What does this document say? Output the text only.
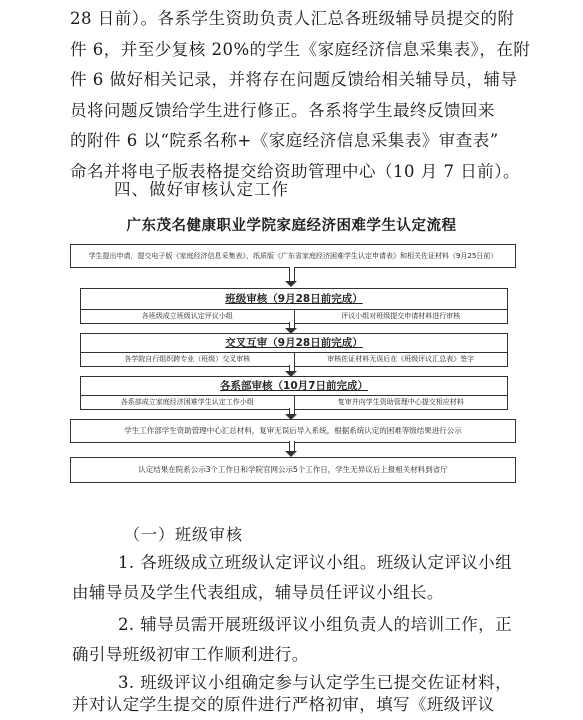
28 日前）。各系学生资助负责人汇总各班级辅导员提交的附
件 6，并至少复核 20%的学生《家庭经济信息采集表》，在附
件 6 做好相关记录，并将存在问题反馈给相关辅导员，辅导
员将问题反馈给学生进行修正。各系将学生最终反馈回来
的附件 6 以“院系名称+《家庭经济信息采集表》审查表”
命名并将电子版表格提交给资助管理中心（10 月 7 日前）。
四、做好审核认定工作
广东茂名健康职业学院家庭经济困难学生认定流程
学生提出申请，提交电子版《家庭经济信息采集表》，纸质版《广东省家庭经济困难学生认定申请表》和相关佐证材料（9月25日前）
班级审核（9月28日前完成）
各班级成立班级认定评议小组	评议小组对班级提交申请材料进行审核
交叉互审（9月28日前完成）
各学院自行组织跨专业（班级）交叉审核	审核佐证材料无误后在《班级评议汇总表》签字
各系部审核（10月7日前完成）
各系部成立家庭经济困难学生认定工作小组	复审并向学生资助管理中心提交相应材料
学生工作部学生资助管理中心汇总材料，复审无误后导入系统，根据系统认定的困难等级结果进行公示
认定结果在院系公示3个工作日和学院官网公示5个工作日，学生无异议后上报相关材料到省厅
（一）班级审核
1. 各班级成立班级认定评议小组。班级认定评议小组
由辅导员及学生代表组成，辅导员任评议小组长。
2. 辅导员需开展班级评议小组负责人的培训工作，正
确引导班级初审工作顺利进行。
3. 班级评议小组确定参与认定学生已提交佐证材料，
并对认定学生提交的原件进行严格初审，填写《班级评议
